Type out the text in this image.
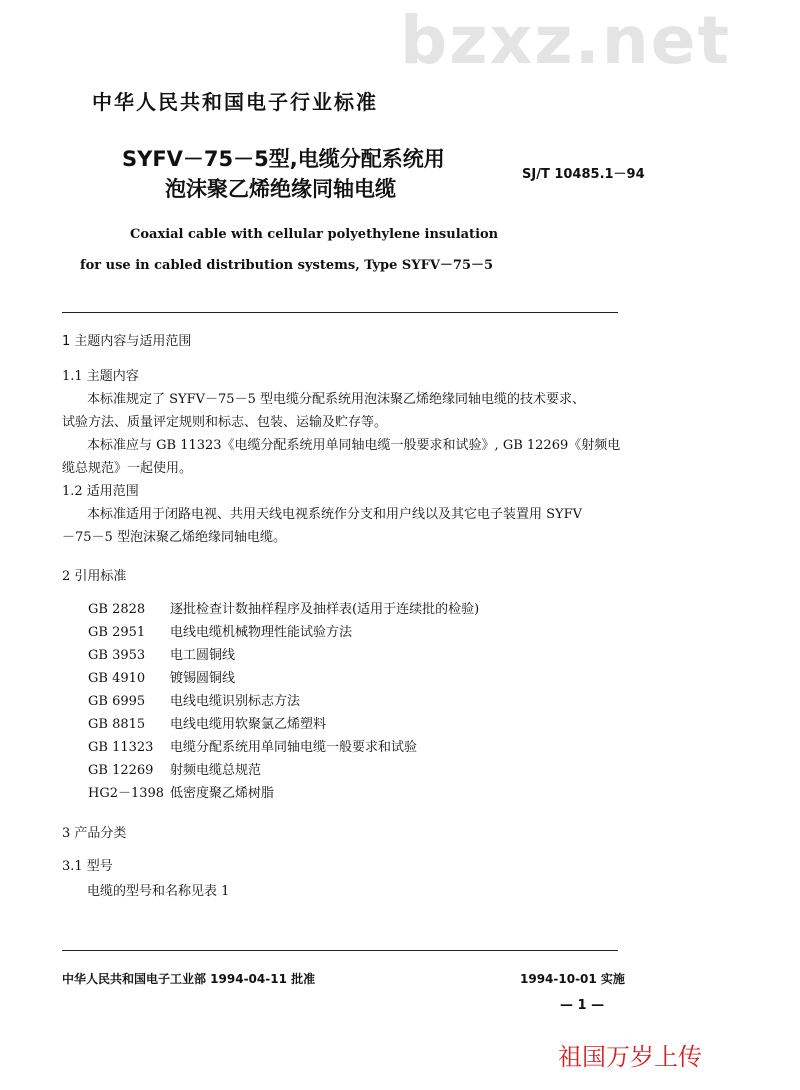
bzxz.net
中华人民共和国电子行业标准
SYFV－75－5型,电缆分配系统用
泡沫聚乙烯绝缘同轴电缆
SJ/T 10485.1－94
Coaxial cable with cellular polyethylene insulation
for use in cabled distribution systems, Type SYFV－75－5
1 主题内容与适用范围
1.1 主题内容
本标准规定了 SYFV－75－5 型电缆分配系统用泡沫聚乙烯绝缘同轴电缆的技术要求、
试验方法、质量评定规则和标志、包装、运输及贮存等。
本标准应与 GB 11323《电缆分配系统用单同轴电缆一般要求和试验》, GB 12269《射频电
缆总规范》一起使用。
1.2 适用范围
本标准适用于闭路电视、共用天线电视系统作分支和用户线以及其它电子装置用 SYFV
－75－5 型泡沫聚乙烯绝缘同轴电缆。
2 引用标准
GB 2828 逐批检查计数抽样程序及抽样表(适用于连续批的检验)
GB 2951 电线电缆机械物理性能试验方法
GB 3953 电工圆铜线
GB 4910 镀锡圆铜线
GB 6995 电线电缆识别标志方法
GB 8815 电线电缆用软聚氯乙烯塑料
GB 11323 电缆分配系统用单同轴电缆一般要求和试验
GB 12269 射频电缆总规范
HG2－1398 低密度聚乙烯树脂
3 产品分类
3.1 型号
电缆的型号和名称见表 1
中华人民共和国电子工业部 1994-04-11 批准	1994-10-01 实施
— 1 —
祖国万岁上传
